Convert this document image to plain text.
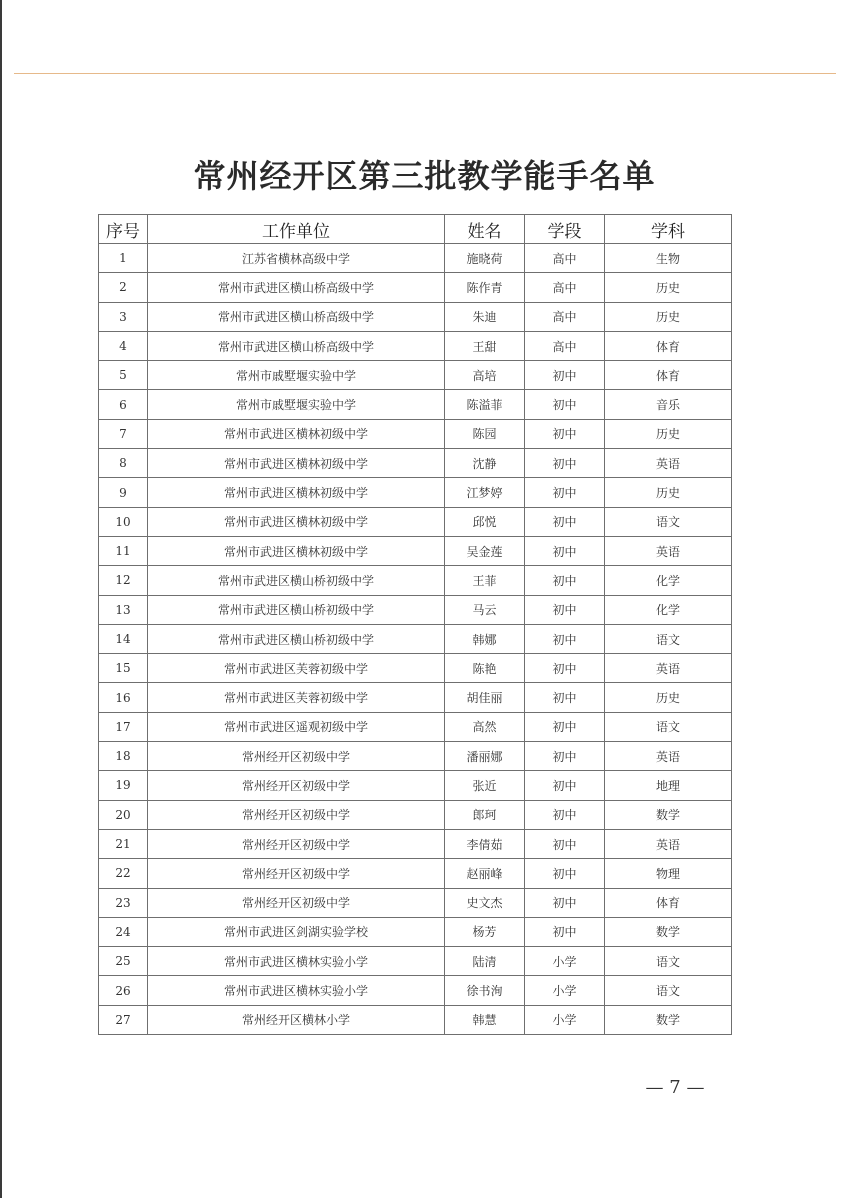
常州经开区第三批教学能手名单
序号	工作单位	姓名	学段	学科
1	江苏省横林高级中学	施晓荷	高中	生物
2	常州市武进区横山桥高级中学	陈作青	高中	历史
3	常州市武进区横山桥高级中学	朱迪	高中	历史
4	常州市武进区横山桥高级中学	王甜	高中	体育
5	常州市戚墅堰实验中学	高培	初中	体育
6	常州市戚墅堰实验中学	陈溢菲	初中	音乐
7	常州市武进区横林初级中学	陈园	初中	历史
8	常州市武进区横林初级中学	沈静	初中	英语
9	常州市武进区横林初级中学	江梦婷	初中	历史
10	常州市武进区横林初级中学	邱悦	初中	语文
11	常州市武进区横林初级中学	吴金莲	初中	英语
12	常州市武进区横山桥初级中学	王菲	初中	化学
13	常州市武进区横山桥初级中学	马云	初中	化学
14	常州市武进区横山桥初级中学	韩娜	初中	语文
15	常州市武进区芙蓉初级中学	陈艳	初中	英语
16	常州市武进区芙蓉初级中学	胡佳丽	初中	历史
17	常州市武进区遥观初级中学	高然	初中	语文
18	常州经开区初级中学	潘丽娜	初中	英语
19	常州经开区初级中学	张近	初中	地理
20	常州经开区初级中学	郎珂	初中	数学
21	常州经开区初级中学	李倩茹	初中	英语
22	常州经开区初级中学	赵丽峰	初中	物理
23	常州经开区初级中学	史文杰	初中	体育
24	常州市武进区剑湖实验学校	杨芳	初中	数学
25	常州市武进区横林实验小学	陆清	小学	语文
26	常州市武进区横林实验小学	徐书洵	小学	语文
27	常州经开区横林小学	韩慧	小学	数学
— 7 —
